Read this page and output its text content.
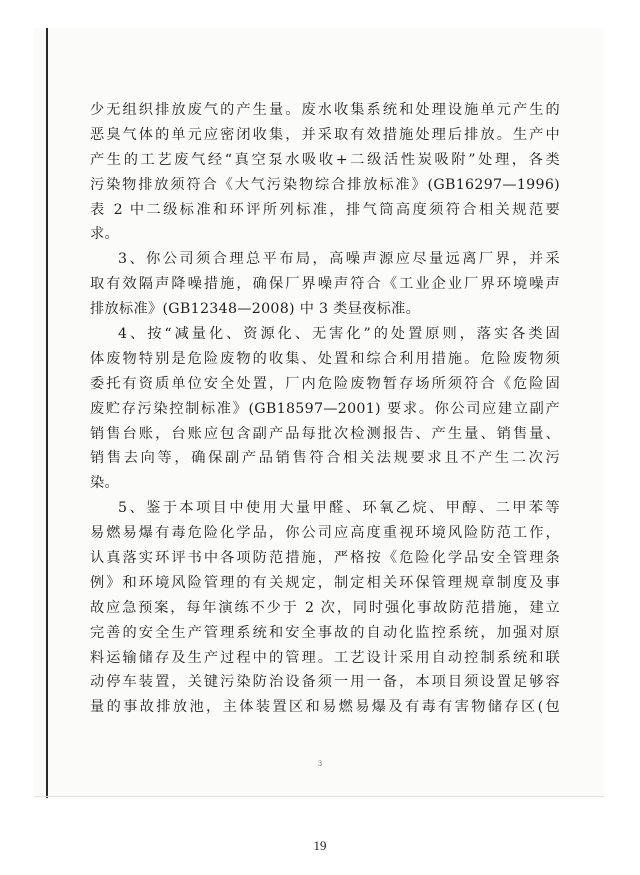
少无组织排放废气的产生量。废水收集系统和处理设施单元产生的
恶臭气体的单元应密闭收集，并采取有效措施处理后排放。生产中
产生的工艺废气经“真空泵水吸收+二级活性炭吸附”处理，各类
污染物排放须符合《大气污染物综合排放标准》(GB16297—1996)
表 2 中二级标准和环评所列标准，排气筒高度须符合相关规范要
求。
3、你公司须合理总平布局，高噪声源应尽量远离厂界，并采
取有效隔声降噪措施，确保厂界噪声符合《工业企业厂界环境噪声
排放标准》(GB12348—2008) 中 3 类昼夜标准。
4、按“减量化、资源化、无害化”的处置原则，落实各类固
体废物特别是危险废物的收集、处置和综合利用措施。危险废物须
委托有资质单位安全处置，厂内危险废物暂存场所须符合《危险固
废贮存污染控制标准》(GB18597—2001) 要求。你公司应建立副产
销售台账，台账应包含副产品每批次检测报告、产生量、销售量、
销售去向等，确保副产品销售符合相关法规要求且不产生二次污
染。
5、鉴于本项目中使用大量甲醛、环氧乙烷、甲醇、二甲苯等
易燃易爆有毒危险化学品，你公司应高度重视环境风险防范工作，
认真落实环评书中各项防范措施，严格按《危险化学品安全管理条
例》和环境风险管理的有关规定，制定相关环保管理规章制度及事
故应急预案，每年演练不少于 2 次，同时强化事故防范措施，建立
完善的安全生产管理系统和安全事故的自动化监控系统，加强对原
料运输储存及生产过程中的管理。工艺设计采用自动控制系统和联
动停车装置，关键污染防治设备须一用一备，本项目须设置足够容
量的事故排放池，主体装置区和易燃易爆及有毒有害物储存区(包
3
19
